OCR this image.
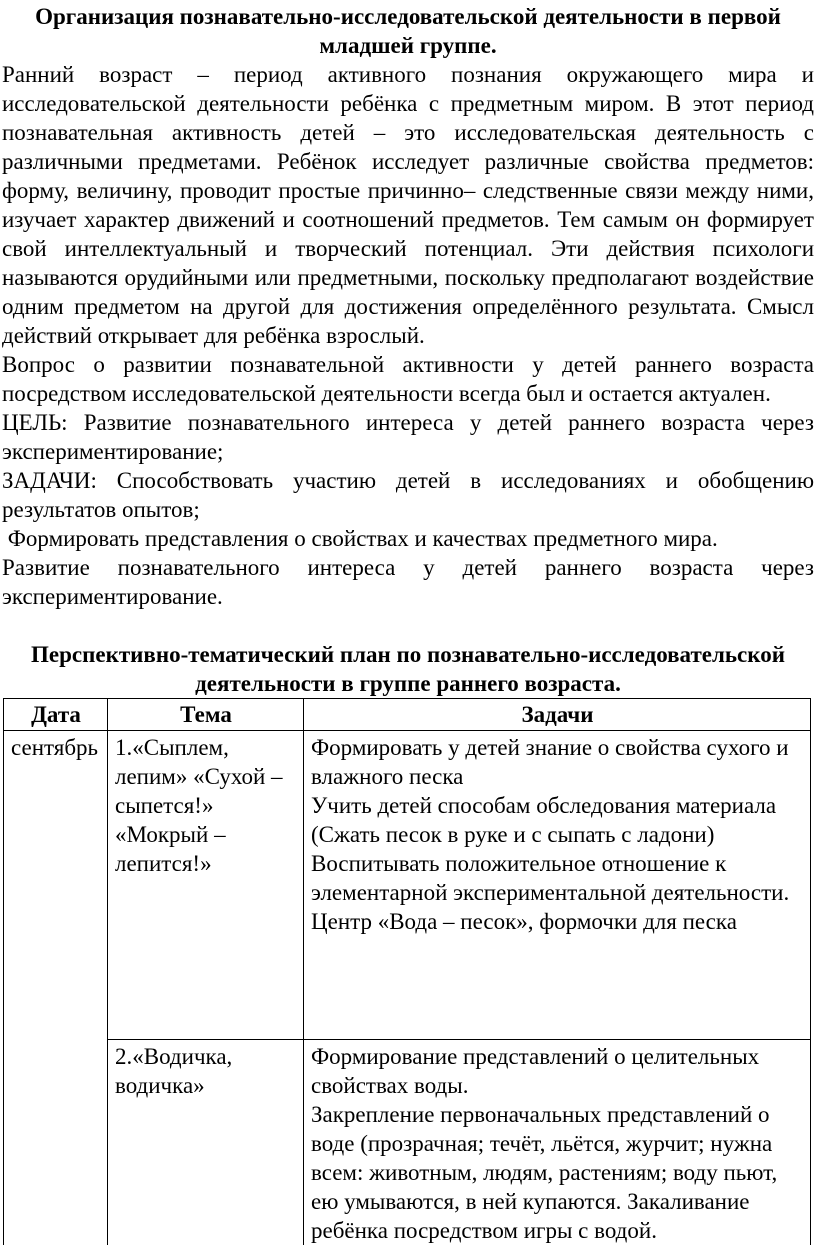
Организация познавательно-исследовательской деятельности в первой младшей группе.

Ранний возраст – период активного познания окружающего мира и исследовательской деятельности ребёнка с предметным миром. В этот период познавательная активность детей – это исследовательская деятельность с различными предметами. Ребёнок исследует различные свойства предметов: форму, величину, проводит простые причинно– следственные связи между ними, изучает характер движений и соотношений предметов. Тем самым он формирует свой интеллектуальный и творческий потенциал. Эти действия психологи называются орудийными или предметными, поскольку предполагают воздействие одним предметом на другой для достижения определённого результата. Смысл действий открывает для ребёнка взрослый.

Вопрос о развитии познавательной активности у детей раннего возраста посредством исследовательской деятельности всегда был и остается актуален.

ЦЕЛЬ: Развитие познавательного интереса у детей раннего возраста через экспериментирование;

ЗАДАЧИ: Способствовать участию детей в исследованиях и обобщению результатов опытов;

Формировать представления о свойствах и качествах предметного мира.

Развитие познавательного интереса у детей раннего возраста через экспериментирование.

Перспективно-тематический план по познавательно-исследовательской деятельности в группе раннего возраста.
Дата	Тема	Задачи
сентябрь	1.«Сыплем, лепим» «Сухой – сыпется!» «Мокрый – лепится!»	Формировать у детей знание о свойства сухого и влажного песка
Учить детей способам обследования материала (Сжать песок в руке и с сыпать с ладони)
Воспитывать положительное отношение к элементарной экспериментальной деятельности.
Центр «Вода – песок», формочки для песка

	2.«Водичка, водичка»	Формирование представлений о целительных свойствах воды.
Закрепление первоначальных представлений о воде (прозрачная; течёт, льётся, журчит; нужна всем: животным, людям, растениям; воду пьют, ею умываются, в ней купаются. Закаливание ребёнка посредством игры с водой.
